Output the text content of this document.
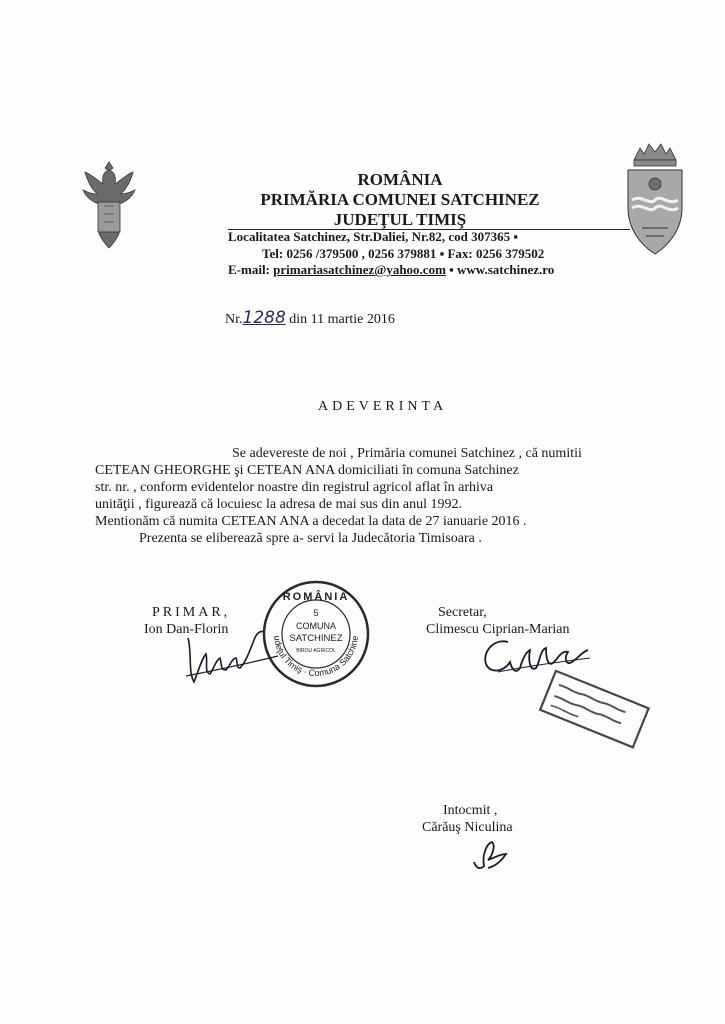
ROMÂNIA
PRIMĂRIA COMUNEI SATCHINEZ
JUDEŢUL TIMIŞ
Localitatea Satchinez, Str.Daliei, Nr.82, cod 307365 ▪
Tel: 0256 /379500 , 0256 379881 ▪ Fax: 0256 379502
E-mail: primariasatchinez@yahoo.com ▪ www.satchinez.ro
Nr.1288 din 11 martie 2016
ADEVERINTA
Se adevereste de noi , Primăria comunei Satchinez , că numitii
CETEAN GHEORGHE şi CETEAN ANA domiciliati în comuna Satchinez
str. nr. , conform evidentelor noastre din registrul agricol aflat în arhiva
unităţii , figurează că locuiesc la adresa de mai sus din anul 1992.
Mentionăm că numita CETEAN ANA a decedat la data de 27 ianuarie 2016 .
Prezenta se elibereazã spre a- servi la Judecătoria Timisoara .
PRIMAR,
Ion Dan-Florin
Judeţul Timiş · Comuna Satchinez
ROMÂNIA
5
COMUNA
SATCHINEZ
BIROU AGRICOL
Secretar,
Climescu Ciprian-Marian
Intocmit ,
Cărăuş Niculina
